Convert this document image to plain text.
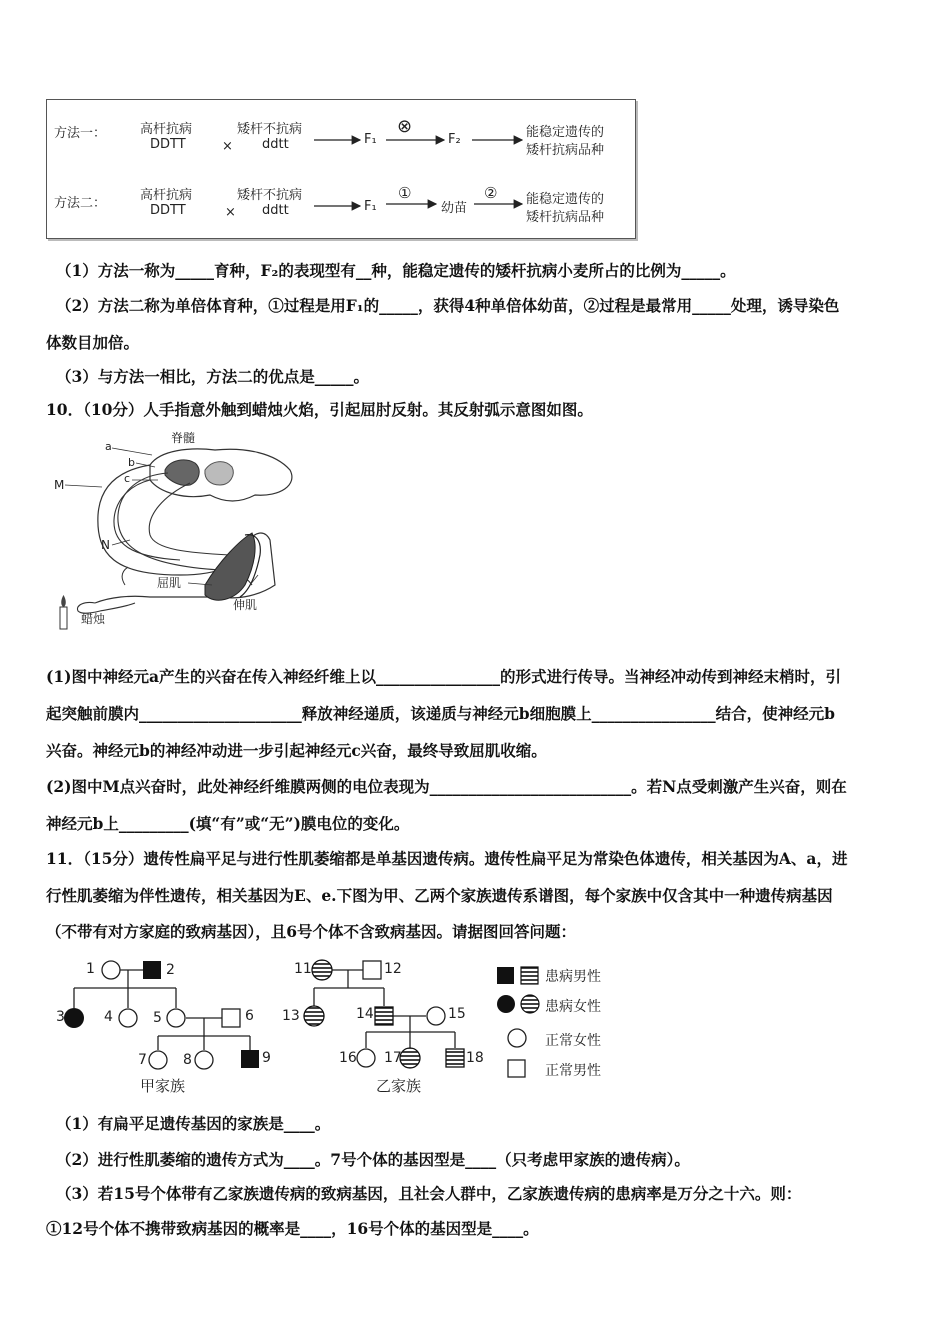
方法一：	高杆抗病
DDTT	×
矮杆不抗病
ddtt	F₁
⊗
F₂	能稳定遗传的
矮杆抗病品种
方法二：
高杆抗病
DDTT	×
矮杆不抗病
ddtt	F₁
①
幼苗
② 能稳定遗传的
矮杆抗病品种
（1）方法一称为_____育种，F₂的表现型有__种，能稳定遗传的矮杆抗病小麦所占的比例为_____。
（2）方法二称为单倍体育种，①过程是用F₁的_____，获得4种单倍体幼苗，②过程是最常用_____处理，诱导染色
体数目加倍。
（3）与方法一相比，方法二的优点是_____。
10．（10分）人手指意外触到蜡烛火焰，引起屈肘反射。其反射弧示意图如图。
脊髓
a
b
c
M
N
屈肌
伸肌
蜡烛
(1)图中神经元a产生的兴奋在传入神经纤维上以________________的形式进行传导。当神经冲动传到神经末梢时，引
起突触前膜内_____________________释放神经递质，该递质与神经元b细胞膜上________________结合，使神经元b
兴奋。神经元b的神经冲动进一步引起神经元c兴奋，最终导致屈肌收缩。
(2)图中M点兴奋时，此处神经纤维膜两侧的电位表现为__________________________。若N点受刺激产生兴奋，则在
神经元b上_________(填“有”或“无”)膜电位的变化。
11．（15分）遗传性扁平足与进行性肌萎缩都是单基因遗传病。遗传性扁平足为常染色体遗传，相关基因为A、a，进
行性肌萎缩为伴性遗传，相关基因为E、e.下图为甲、乙两个家族遗传系谱图，每个家族中仅含其中一种遗传病基因
（不带有对方家庭的致病基因），且6号个体不含致病基因。请据图回答问题：
1	2
3	4	5	6
7	8	9
11	12
13	14	15
16 17	18
甲家族	乙家族
患病男性
患病女性
正常女性
正常男性
（1）有扁平足遗传基因的家族是____。
（2）进行性肌萎缩的遗传方式为____。7号个体的基因型是____（只考虑甲家族的遗传病）。
（3）若15号个体带有乙家族遗传病的致病基因，且社会人群中，乙家族遗传病的患病率是万分之十六。则：
①12号个体不携带致病基因的概率是____，16号个体的基因型是____。
